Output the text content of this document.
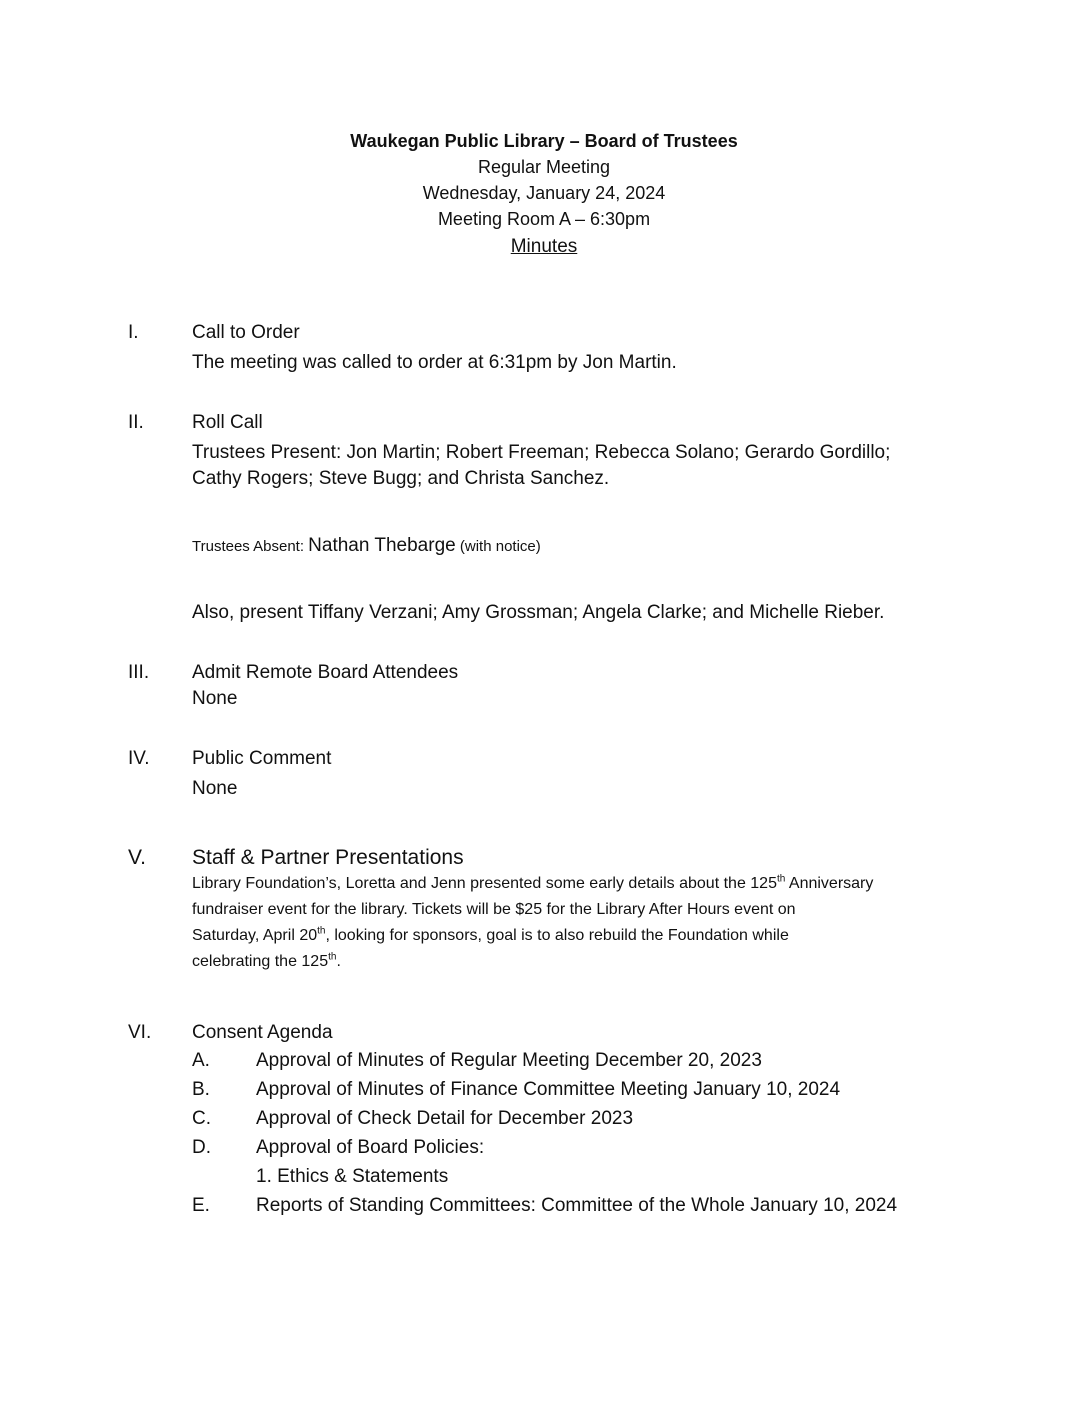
Waukegan Public Library – Board of Trustees
Regular Meeting
Wednesday, January 24, 2024
Meeting Room A – 6:30pm
Minutes
I.	Call to Order

The meeting was called to order at 6:31pm by Jon Martin.

II.	Roll Call

Trustees Present: Jon Martin; Robert Freeman; Rebecca Solano; Gerardo Gordillo;

Cathy Rogers; Steve Bugg; and Christa Sanchez.

Trustees Absent: Nathan Thebarge (with notice)

Also, present Tiffany Verzani; Amy Grossman; Angela Clarke; and Michelle Rieber.

III.	Admit Remote Board Attendees

None

IV.	Public Comment

None

V.	Staff & Partner Presentations

Library Foundation’s, Loretta and Jenn presented some early details about the 125th Anniversary

fundraiser event for the library. Tickets will be $25 for the Library After Hours event on

Saturday, April 20th, looking for sponsors, goal is to also rebuild the Foundation while

celebrating the 125th.

VI.	Consent Agenda

A.	Approval of Minutes of Regular Meeting December 20, 2023
B.	Approval of Minutes of Finance Committee Meeting January 10, 2024
C.	Approval of Check Detail for December 2023
D.	Approval of Board Policies:
1. Ethics & Statements
E.	Reports of Standing Committees: Committee of the Whole January 10, 2024
